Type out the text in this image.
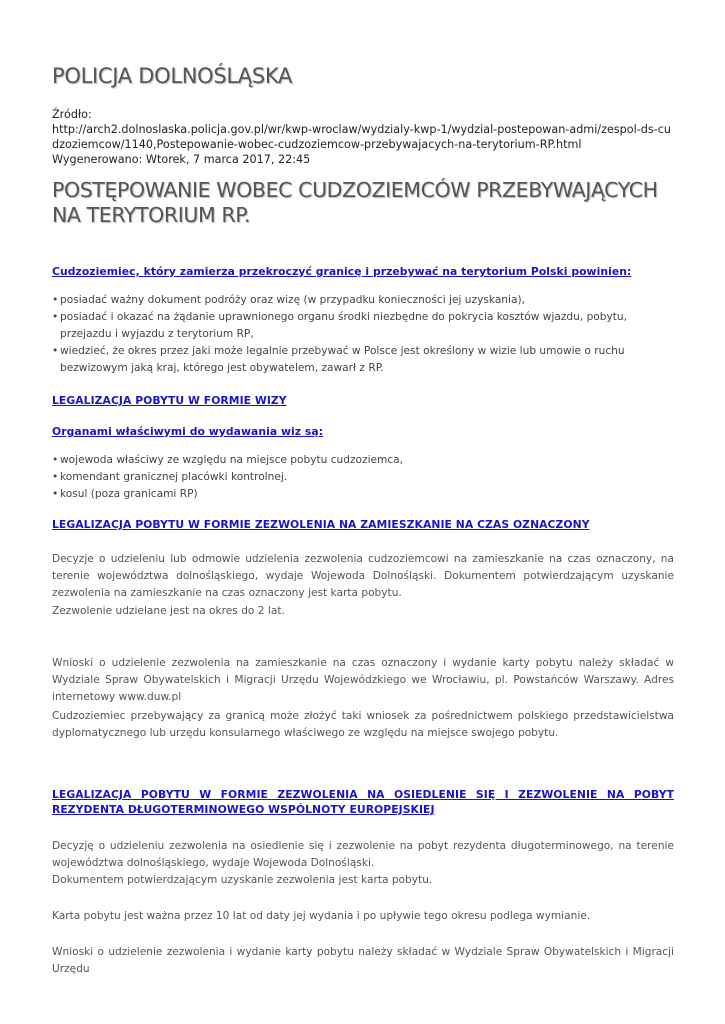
POLICJA DOLNOŚLĄSKA
Źródło:
http://arch2.dolnoslaska.policja.gov.pl/wr/kwp-wroclaw/wydzialy-kwp-1/wydzial-postepowan-admi/zespol-ds-cudzoziemcow/1140,Postepowanie-wobec-cudzoziemcow-przebywajacych-na-terytorium-RP.html
Wygenerowano: Wtorek, 7 marca 2017, 22:45
POSTĘPOWANIE WOBEC CUDZOZIEMCÓW PRZEBYWAJĄCYCH NA TERYTORIUM RP.
Cudzoziemiec, który zamierza przekroczyć granicę i przebywać na terytorium Polski powinien:
• posiadać ważny dokument podróży oraz wizę (w przypadku konieczności jej uzyskania),
• posiadać i okazać na żądanie uprawnionego organu środki niezbędne do pokrycia kosztów wjazdu, pobytu, przejazdu i wyjazdu z terytorium RP,
• wiedzieć, że okres przez jaki może legalnie przebywać w Polsce jest określony w wizie lub umowie o ruchu bezwizowym jaką kraj, którego jest obywatelem, zawarł z RP.
LEGALIZACJA POBYTU W FORMIE WIZY
Organami właściwymi do wydawania wiz są:
• wojewoda właściwy ze względu na miejsce pobytu cudzoziemca,
• komendant granicznej placówki kontrolnej.
• kosul (poza granicami RP)
LEGALIZACJA POBYTU W FORMIE ZEZWOLENIA NA ZAMIESZKANIE NA CZAS OZNACZONY
Decyzje o udzieleniu lub odmowie udzielenia zezwolenia cudzoziemcowi na zamieszkanie na czas oznaczony, na terenie województwa dolnośląskiego, wydaje Wojewoda Dolnośląski. Dokumentem potwierdzającym uzyskanie zezwolenia na zamieszkanie na czas oznaczony jest karta pobytu.
Zezwolenie udzielane jest na okres do 2 lat.

Wnioski o udzielenie zezwolenia na zamieszkanie na czas oznaczony i wydanie karty pobytu należy składać w Wydziale Spraw Obywatelskich i Migracji Urzędu Wojewódzkiego we Wrocławiu, pl. Powstańców Warszawy. Adres internetowy www.duw.pl

Cudzoziemiec przebywający za granicą może złożyć taki wniosek za pośrednictwem polskiego przedstawicielstwa dyplomatycznego lub urzędu konsularnego właściwego ze względu na miejsce swojego pobytu.

LEGALIZACJA POBYTU W FORMIE ZEZWOLENIA NA OSIEDLENIE SIĘ I ZEZWOLENIE NA POBYT REZYDENTA DŁUGOTERMINOWEGO WSPÓLNOTY EUROPEJSKIEJ
Decyzję o udzieleniu zezwolenia na osiedlenie się i zezwolenie na pobyt rezydenta długoterminowego, na terenie województwa dolnośląskiego, wydaje Wojewoda Dolnośląski.
Dokumentem potwierdzającym uzyskanie zezwolenia jest karta pobytu.

Karta pobytu jest ważna przez 10 lat od daty jej wydania i po upływie tego okresu podlega wymianie.

Wnioski o udzielenie zezwolenia i wydanie karty pobytu należy składać w Wydziale Spraw Obywatelskich i Migracji Urzędu
